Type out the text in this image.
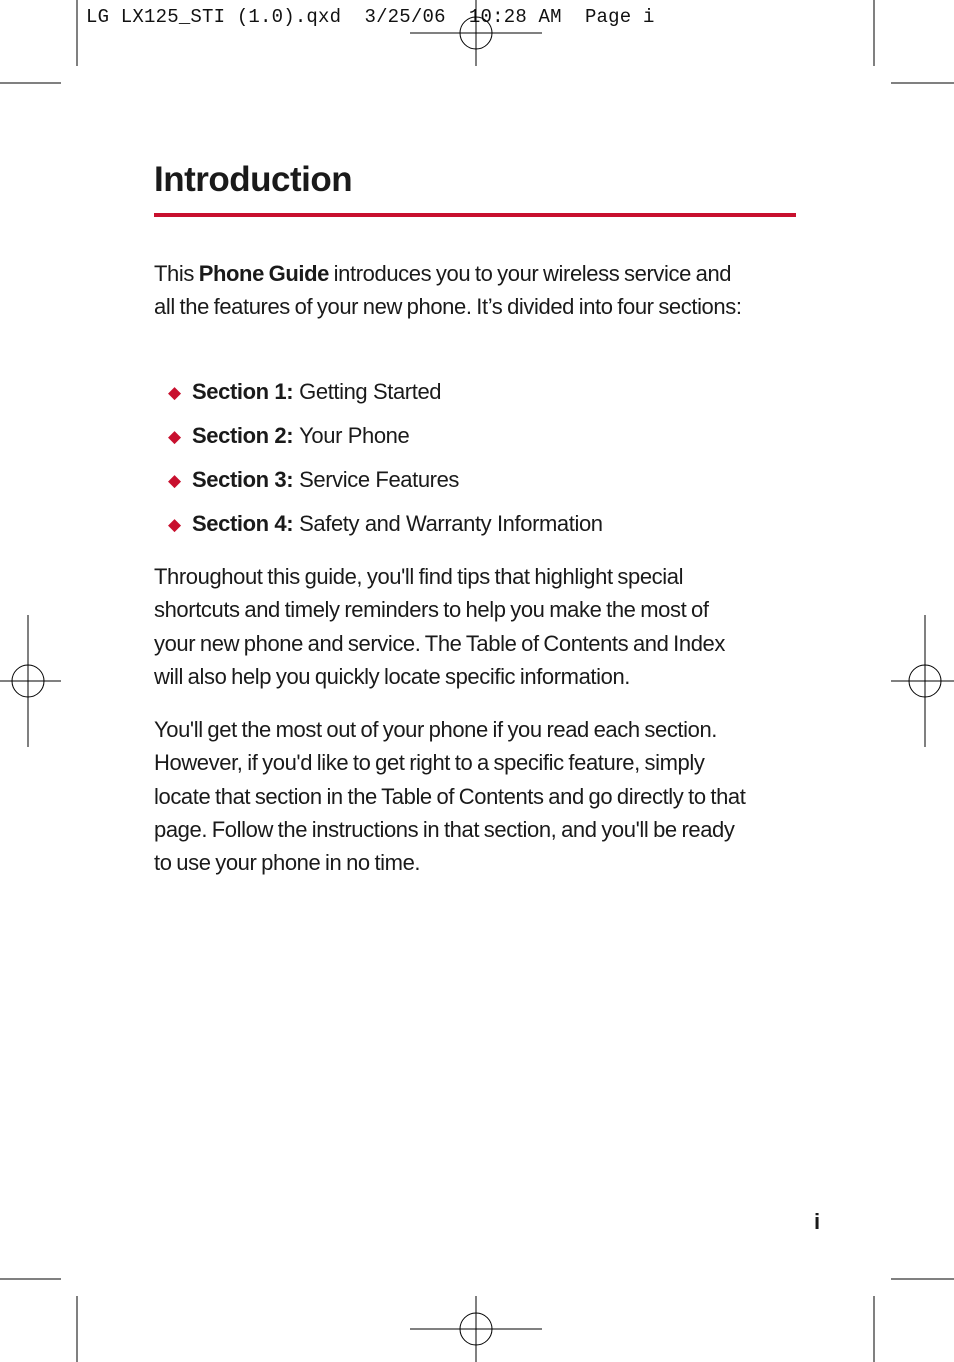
LG LX125_STI (1.0).qxd 3/25/06 10:28 AM Page i
Introduction

This Phone Guide introduces you to your wireless service and all the features of your new phone. It’s divided into four sections:

◆ Section 1: Getting Started
◆ Section 2: Your Phone
◆ Section 3: Service Features
◆ Section 4: Safety and Warranty Information

Throughout this guide, you'll find tips that highlight special shortcuts and timely reminders to help you make the most of your new phone and service. The Table of Contents and Index will also help you quickly locate specific information.

You'll get the most out of your phone if you read each section. However, if you'd like to get right to a specific feature, simply locate that section in the Table of Contents and go directly to that page. Follow the instructions in that section, and you'll be ready to use your phone in no time.

i
